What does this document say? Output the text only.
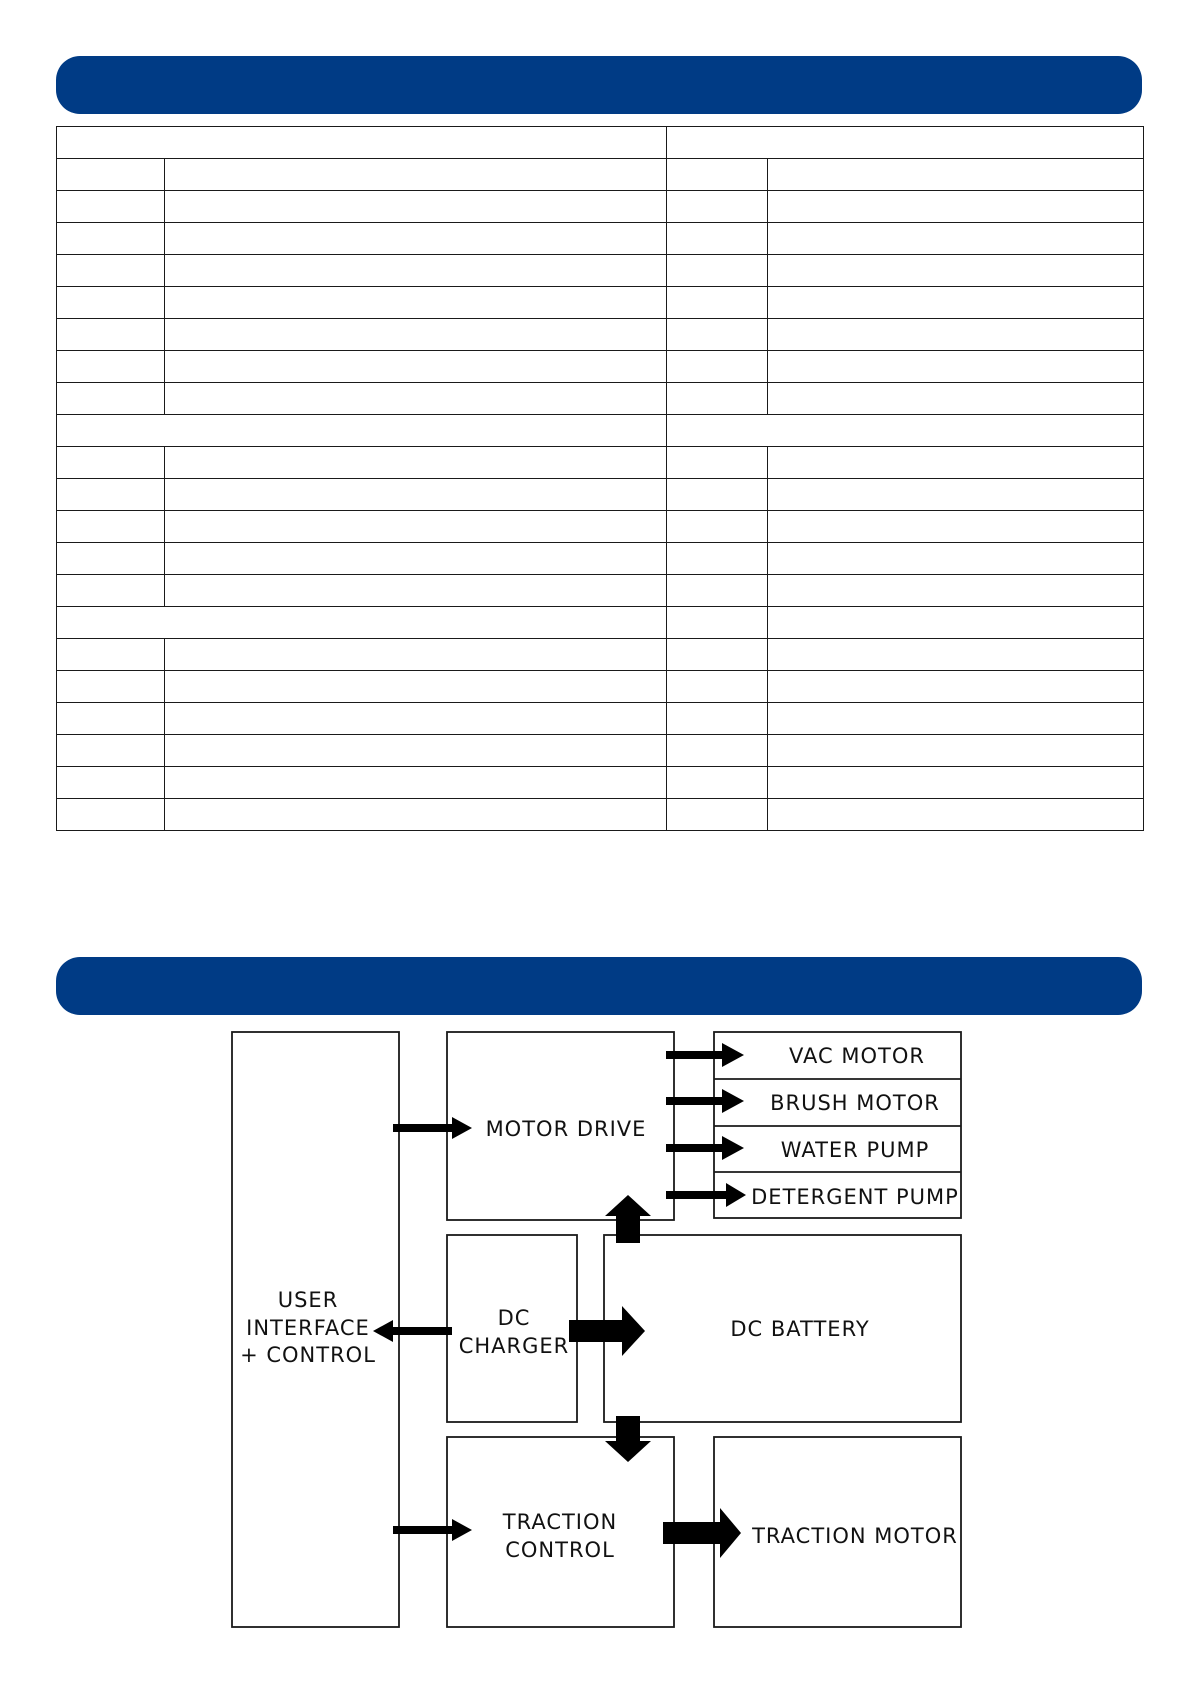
USER
INTERFACE
+ CONTROL
MOTOR DRIVE
VAC MOTOR
BRUSH MOTOR
WATER PUMP
DETERGENT PUMP
DC
CHARGER
DC BATTERY
TRACTION
CONTROL
TRACTION MOTOR
